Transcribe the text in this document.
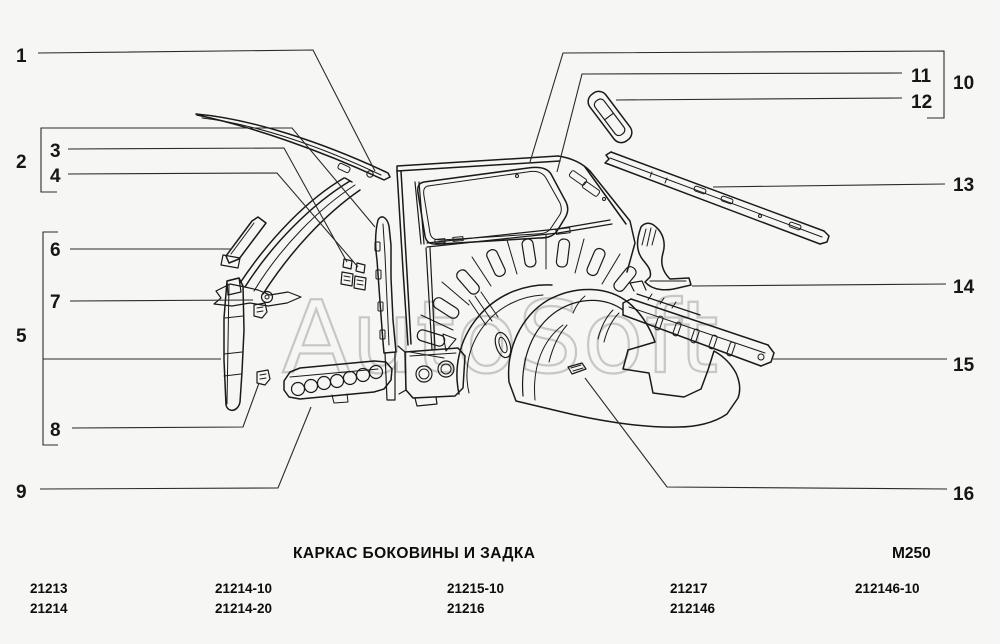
AutoSoft
1
2
3
4
5
6
7
8
9
10
11
12
13
14
15
16
КАРКАС БОКОВИНЫ И ЗАДКА	M250
21213
21214
21214-10
21214-20
21215-10
21216
21217
212146
212146-10
